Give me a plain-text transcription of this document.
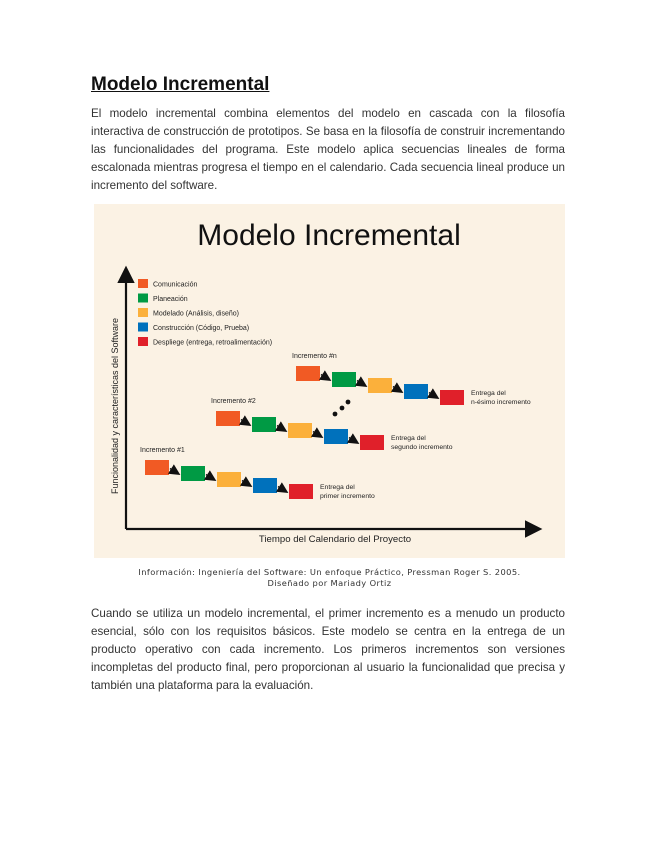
Modelo Incremental

El modelo incremental combina elementos del modelo en cascada con la filosofía interactiva de construcción de prototipos. Se basa en la filosofía de construir incrementando las funcionalidades del programa. Este modelo aplica secuencias lineales de forma escalonada mientras progresa el tiempo en el calendario. Cada secuencia lineal produce un incremento del software.

Modelo Incremental
Funcionalidad y características del Software
Tiempo del Calendario del Proyecto
Comunicación
Planeación
Modelado (Análisis, diseño)
Construcción (Código, Prueba)
Despliege (entrega, retroalimentación)
Incremento #1
Entrega del
primer incremento
Incremento #2
Entrega del
segundo incremento
Incremento #n
Entrega del
n-ésimo incremento
Información: Ingeniería del Software: Un enfoque Práctico, Pressman Roger S. 2005.
Diseñado por Mariady Ortiz

Cuando se utiliza un modelo incremental, el primer incremento es a menudo un producto esencial, sólo con los requisitos básicos. Este modelo se centra en la entrega de un producto operativo con cada incremento. Los primeros incrementos son versiones incompletas del producto final, pero proporcionan al usuario la funcionalidad que precisa y también una plataforma para la evaluación.
